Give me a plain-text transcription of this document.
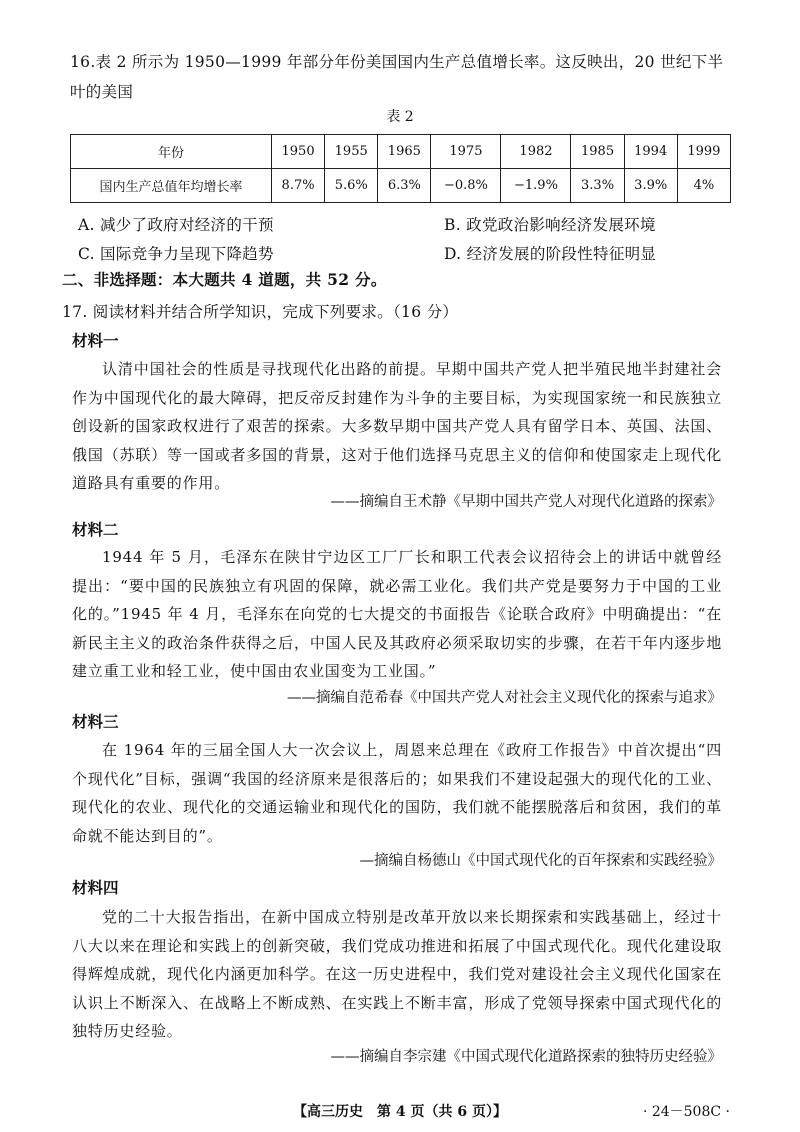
16.表 2 所示为 1950—1999 年部分年份美国国内生产总值增长率。这反映出，20 世纪下半叶的美国
表 2
年份	1950	1955	1965	1975	1982	1985	1994	1999
国内生产总值年均增长率	8.7%	5.6%	6.3%	−0.8%	−1.9%	3.3%	3.9%	4%
A. 减少了政府对经济的干预	B. 政党政治影响经济发展环境
C. 国际竞争力呈现下降趋势	D. 经济发展的阶段性特征明显
二、非选择题：本大题共 4 道题，共 52 分。
17. 阅读材料并结合所学知识，完成下列要求。（16 分）
材料一
认清中国社会的性质是寻找现代化出路的前提。早期中国共产党人把半殖民地半封建社会作为中国现代化的最大障碍，把反帝反封建作为斗争的主要目标，为实现国家统一和民族独立创设新的国家政权进行了艰苦的探索。大多数早期中国共产党人具有留学日本、英国、法国、俄国（苏联）等一国或者多国的背景，这对于他们选择马克思主义的信仰和使国家走上现代化道路具有重要的作用。
——摘编自王术静《早期中国共产党人对现代化道路的探索》
材料二
1944 年 5 月，毛泽东在陕甘宁边区工厂厂长和职工代表会议招待会上的讲话中就曾经提出：“要中国的民族独立有巩固的保障，就必需工业化。我们共产党是要努力于中国的工业化的。”1945 年 4 月，毛泽东在向党的七大提交的书面报告《论联合政府》中明确提出：“在新民主主义的政治条件获得之后，中国人民及其政府必须采取切实的步骤，在若干年内逐步地建立重工业和轻工业，使中国由农业国变为工业国。”
——摘编自范希春《中国共产党人对社会主义现代化的探索与追求》
材料三
在 1964 年的三届全国人大一次会议上，周恩来总理在《政府工作报告》中首次提出“四个现代化”目标，强调“我国的经济原来是很落后的；如果我们不建设起强大的现代化的工业、现代化的农业、现代化的交通运输业和现代化的国防，我们就不能摆脱落后和贫困，我们的革命就不能达到目的”。
—摘编自杨德山《中国式现代化的百年探索和实践经验》
材料四
党的二十大报告指出，在新中国成立特别是改革开放以来长期探索和实践基础上，经过十八大以来在理论和实践上的创新突破，我们党成功推进和拓展了中国式现代化。现代化建设取得辉煌成就，现代化内涵更加科学。在这一历史进程中，我们党对建设社会主义现代化国家在认识上不断深入、在战略上不断成熟、在实践上不断丰富，形成了党领导探索中国式现代化的独特历史经验。
——摘编自李宗建《中国式现代化道路探索的独特历史经验》
【高三历史　第 4 页（共 6 页）】	· 24－508C ·
